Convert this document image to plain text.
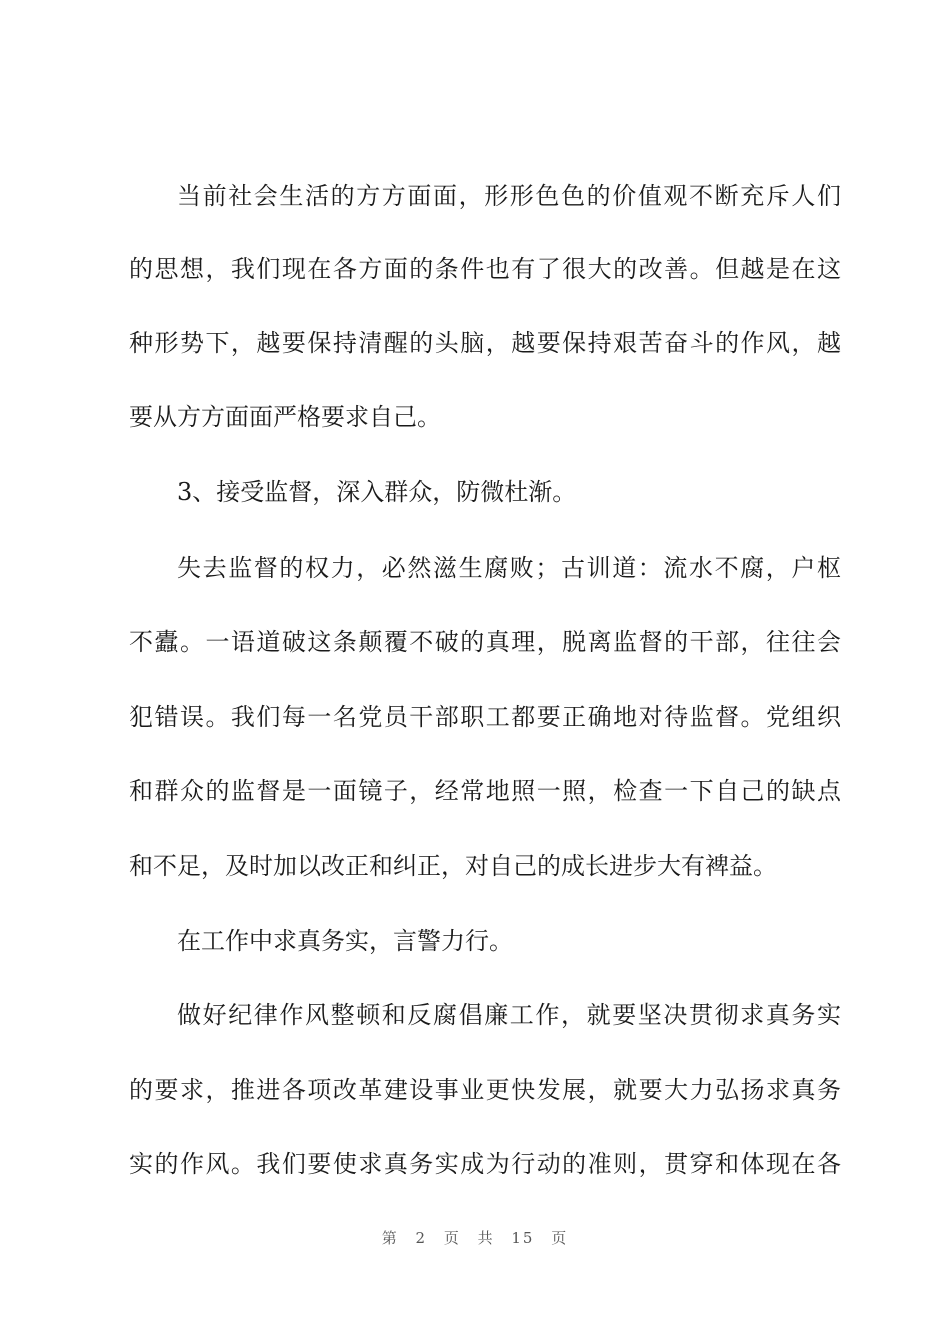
当前社会生活的方方面面，形形色色的价值观不断充斥人们
的思想，我们现在各方面的条件也有了很大的改善。但越是在这
种形势下，越要保持清醒的头脑，越要保持艰苦奋斗的作风，越
要从方方面面严格要求自己。
3、接受监督，深入群众，防微杜渐。
失去监督的权力，必然滋生腐败；古训道：流水不腐，户枢
不蠹。一语道破这条颠覆不破的真理，脱离监督的干部，往往会
犯错误。我们每一名党员干部职工都要正确地对待监督。党组织
和群众的监督是一面镜子，经常地照一照，检查一下自己的缺点
和不足，及时加以改正和纠正，对自己的成长进步大有裨益。
在工作中求真务实，言警力行。
做好纪律作风整顿和反腐倡廉工作，就要坚决贯彻求真务实
的要求，推进各项改革建设事业更快发展，就要大力弘扬求真务
实的作风。我们要使求真务实成为行动的准则，贯穿和体现在各
第 2 页 共 15 页
